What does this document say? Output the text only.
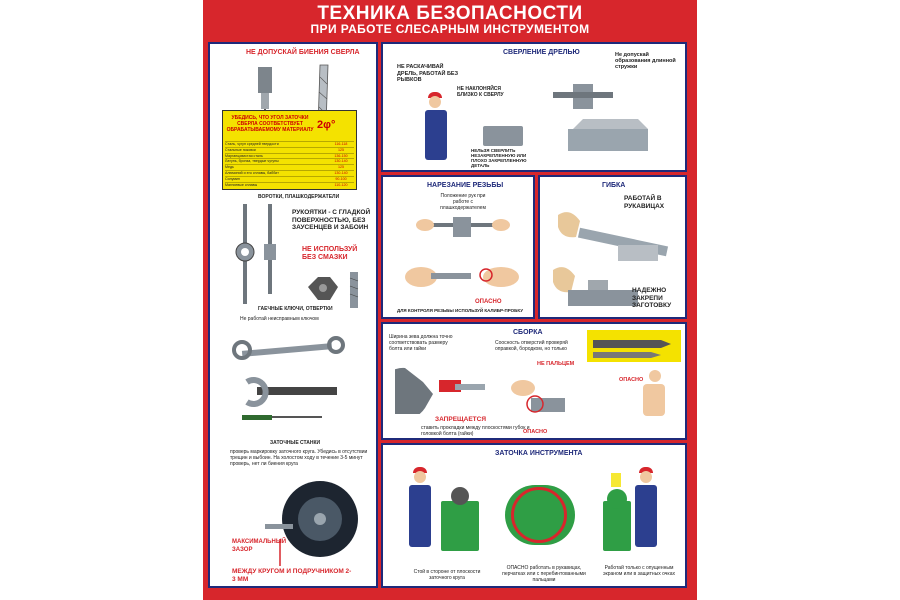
ТЕХНИКА БЕЗОПАСНОСТИ
ПРИ РАБОТЕ СЛЕСАРНЫМ ИНСТРУМЕНТОМ
НЕ ДОПУСКАЙ БИЕНИЯ СВЕРЛА
УБЕДИСЬ, ЧТО УГОЛ ЗАТОЧКИ СВЕРЛА СООТВЕТСТВУЕТ ОБРАБАТЫВАЕМОМУ МАТЕРИАЛУ 2φ°
Сталь, чугун средней твердости	116-118
Стальные поковки	125
Марганцовистая сталь	136-150
Латунь, бронза, твердые чугуны	130-140
Медь	125
Алюминий и его сплавы, баббит	130-140
Силумин	90-100
Магниевые сплавы	110-120
ВОРОТКИ, ПЛАШКОДЕРЖАТЕЛИ
РУКОЯТКИ - С ГЛАДКОЙ ПОВЕРХНОСТЬЮ, БЕЗ ЗАУСЕНЦЕВ И ЗАБОИН
НЕ ИСПОЛЬЗУЙ БЕЗ СМАЗКИ
ГАЕЧНЫЕ КЛЮЧИ, ОТВЕРТКИ
Не работай неисправным ключом
ЗАТОЧНЫЕ СТАНКИ
проверь маркировку заточного круга. Убедись в отсутствии трещин и выбоин. На холостом ходу в течение 3-5 минут проверь, нет ли биения круга
МАКСИМАЛЬНЫЙ ЗАЗОР
МЕЖДУ КРУГОМ И ПОДРУЧНИКОМ 2-3 ММ
СВЕРЛЕНИЕ ДРЕЛЬЮ
НЕ РАСКАЧИВАЙ ДРЕЛЬ, РАБОТАЙ БЕЗ РЫВКОВ
НЕ НАКЛОНЯЙСЯ БЛИЗКО К СВЕРЛУ
НЕЛЬЗЯ СВЕРЛИТЬ НЕЗАКРЕПЛЕННУЮ ИЛИ ПЛОХО ЗАКРЕПЛЕННУЮ ДЕТАЛЬ
Не допускай образования длинной стружки
НАРЕЗАНИЕ РЕЗЬБЫ
Положение рук при работе с плашкодержателем
ОПАСНО
ДЛЯ КОНТРОЛЯ РЕЗЬБЫ ИСПОЛЬЗУЙ КАЛИБР-ПРОБКУ
ГИБКА
РАБОТАЙ В РУКАВИЦАХ
НАДЕЖНО ЗАКРЕПИ ЗАГОТОВКУ
СБОРКА
Ширина зева должна точно соответствовать размеру болта или гайки
Соосность отверстий проверяй оправкой, бородком, но только
НЕ ПАЛЬЦЕМ
ЗАПРЕЩАЕТСЯ
ставить прокладки между плоскостями губок и головкой болта (гайки)	ОПАСНО
ОПАСНО
ЗАТОЧКА ИНСТРУМЕНТА
Стой в стороне от плоскости заточного круга
ОПАСНО работать в рукавицах, перчатках или с перебинтованными пальцами
Работай только с опущенным экраном или в защитных очках
